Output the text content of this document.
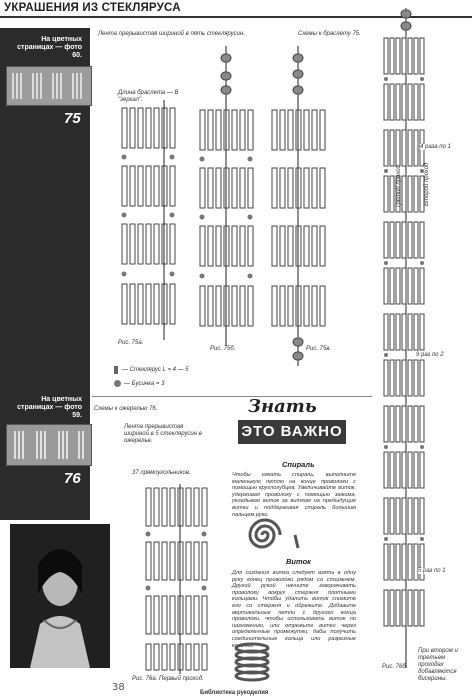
УКРАШЕНИЯ ИЗ СТЕКЛЯРУСА
На цветных страницах — фото 60.
75
На цветных страницах — фото 59.
76
Лента прерывистая шириной в пять стеклярусин.	Схемы к браслету 75.
Длина браслета — В "зеркал".
Рис. 75а.
Рис. 75б.	Рис. 75в.
— Стеклярус L = 4 — 5
— Бусинка = 3
Схемы к ожерелью 76.
Лента прерывистая шириной в 5 стеклярусин в ожерелье.
37 прямоугольников.
Рис. 76а. Первый проход.
Знать
ЭТО ВАЖНО
Спираль
Чтобы начать спираль, выполните маленькую петлю на конце проволоки с помощью круглогубцев. Увеличивайте виток, удерживая проволоку с помощью зажима, укладывая виток за витком на предыдущие витки и поддерживая спираль большим пальцем руки.
Виток
Для создания витка следует взять в одну руку конец проволоки рядом со стержнем. Другой рукой начните заворачивать проволоку вокруг стержня плотными кольцами. Чтобы удалить виток снимите его со стержня и обрежьте. Добавьте вертикальные петли с другого конца проволоки, чтобы использовать виток по назначению, или отрежьте витки через определенные промежутки, дабы получить соединительные кольца или разрезные колечки.
4 раза по 1
Третий проход	Второй проход
9 раз по 2
5 раз по 1
Рис. 76б.
При втором и третьем проходах добавляются бисерины.
38	Библиотека рукоделия
